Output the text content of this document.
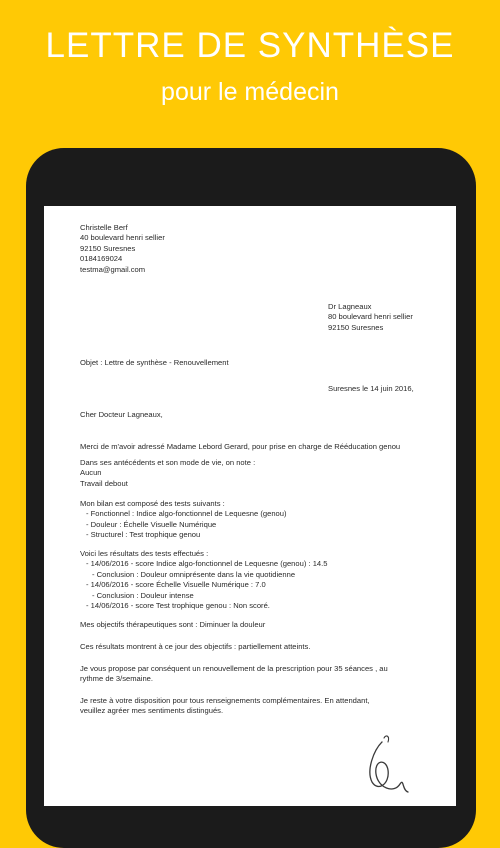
LETTRE DE SYNTHÈSE
pour le médecin
Christelle Berf
40 boulevard henri sellier
92150 Suresnes
0184169024
testma@gmail.com
Dr Lagneaux
80 boulevard henri sellier
92150 Suresnes
Objet : Lettre de synthèse - Renouvellement
Suresnes le 14 juin 2016,
Cher Docteur Lagneaux,
Merci de m'avoir adressé Madame Lebord Gerard, pour prise en charge de Rééducation genou
Dans ses antécédents et son mode de vie, on note :
Aucun
Travail debout
Mon bilan est composé des tests suivants :
- Fonctionnel : Indice algo-fonctionnel de Lequesne (genou)
- Douleur : Échelle Visuelle Numérique
- Structurel : Test trophique genou
Voici les résultats des tests effectués :
- 14/06/2016 - score Indice algo-fonctionnel de Lequesne (genou) : 14.5
- Conclusion : Douleur omniprésente dans la vie quotidienne
- 14/06/2016 - score Échelle Visuelle Numérique : 7.0
- Conclusion : Douleur intense
- 14/06/2016 - score Test trophique genou : Non scoré.
Mes objectifs thérapeutiques sont : Diminuer la douleur
Ces résultats montrent à ce jour des objectifs : partiellement atteints.
Je vous propose par conséquent un renouvellement de la prescription pour 35 séances , au
rythme de 3/semaine.
Je reste à votre disposition pour tous renseignements complémentaires. En attendant,
veuillez agréer mes sentiments distingués.
